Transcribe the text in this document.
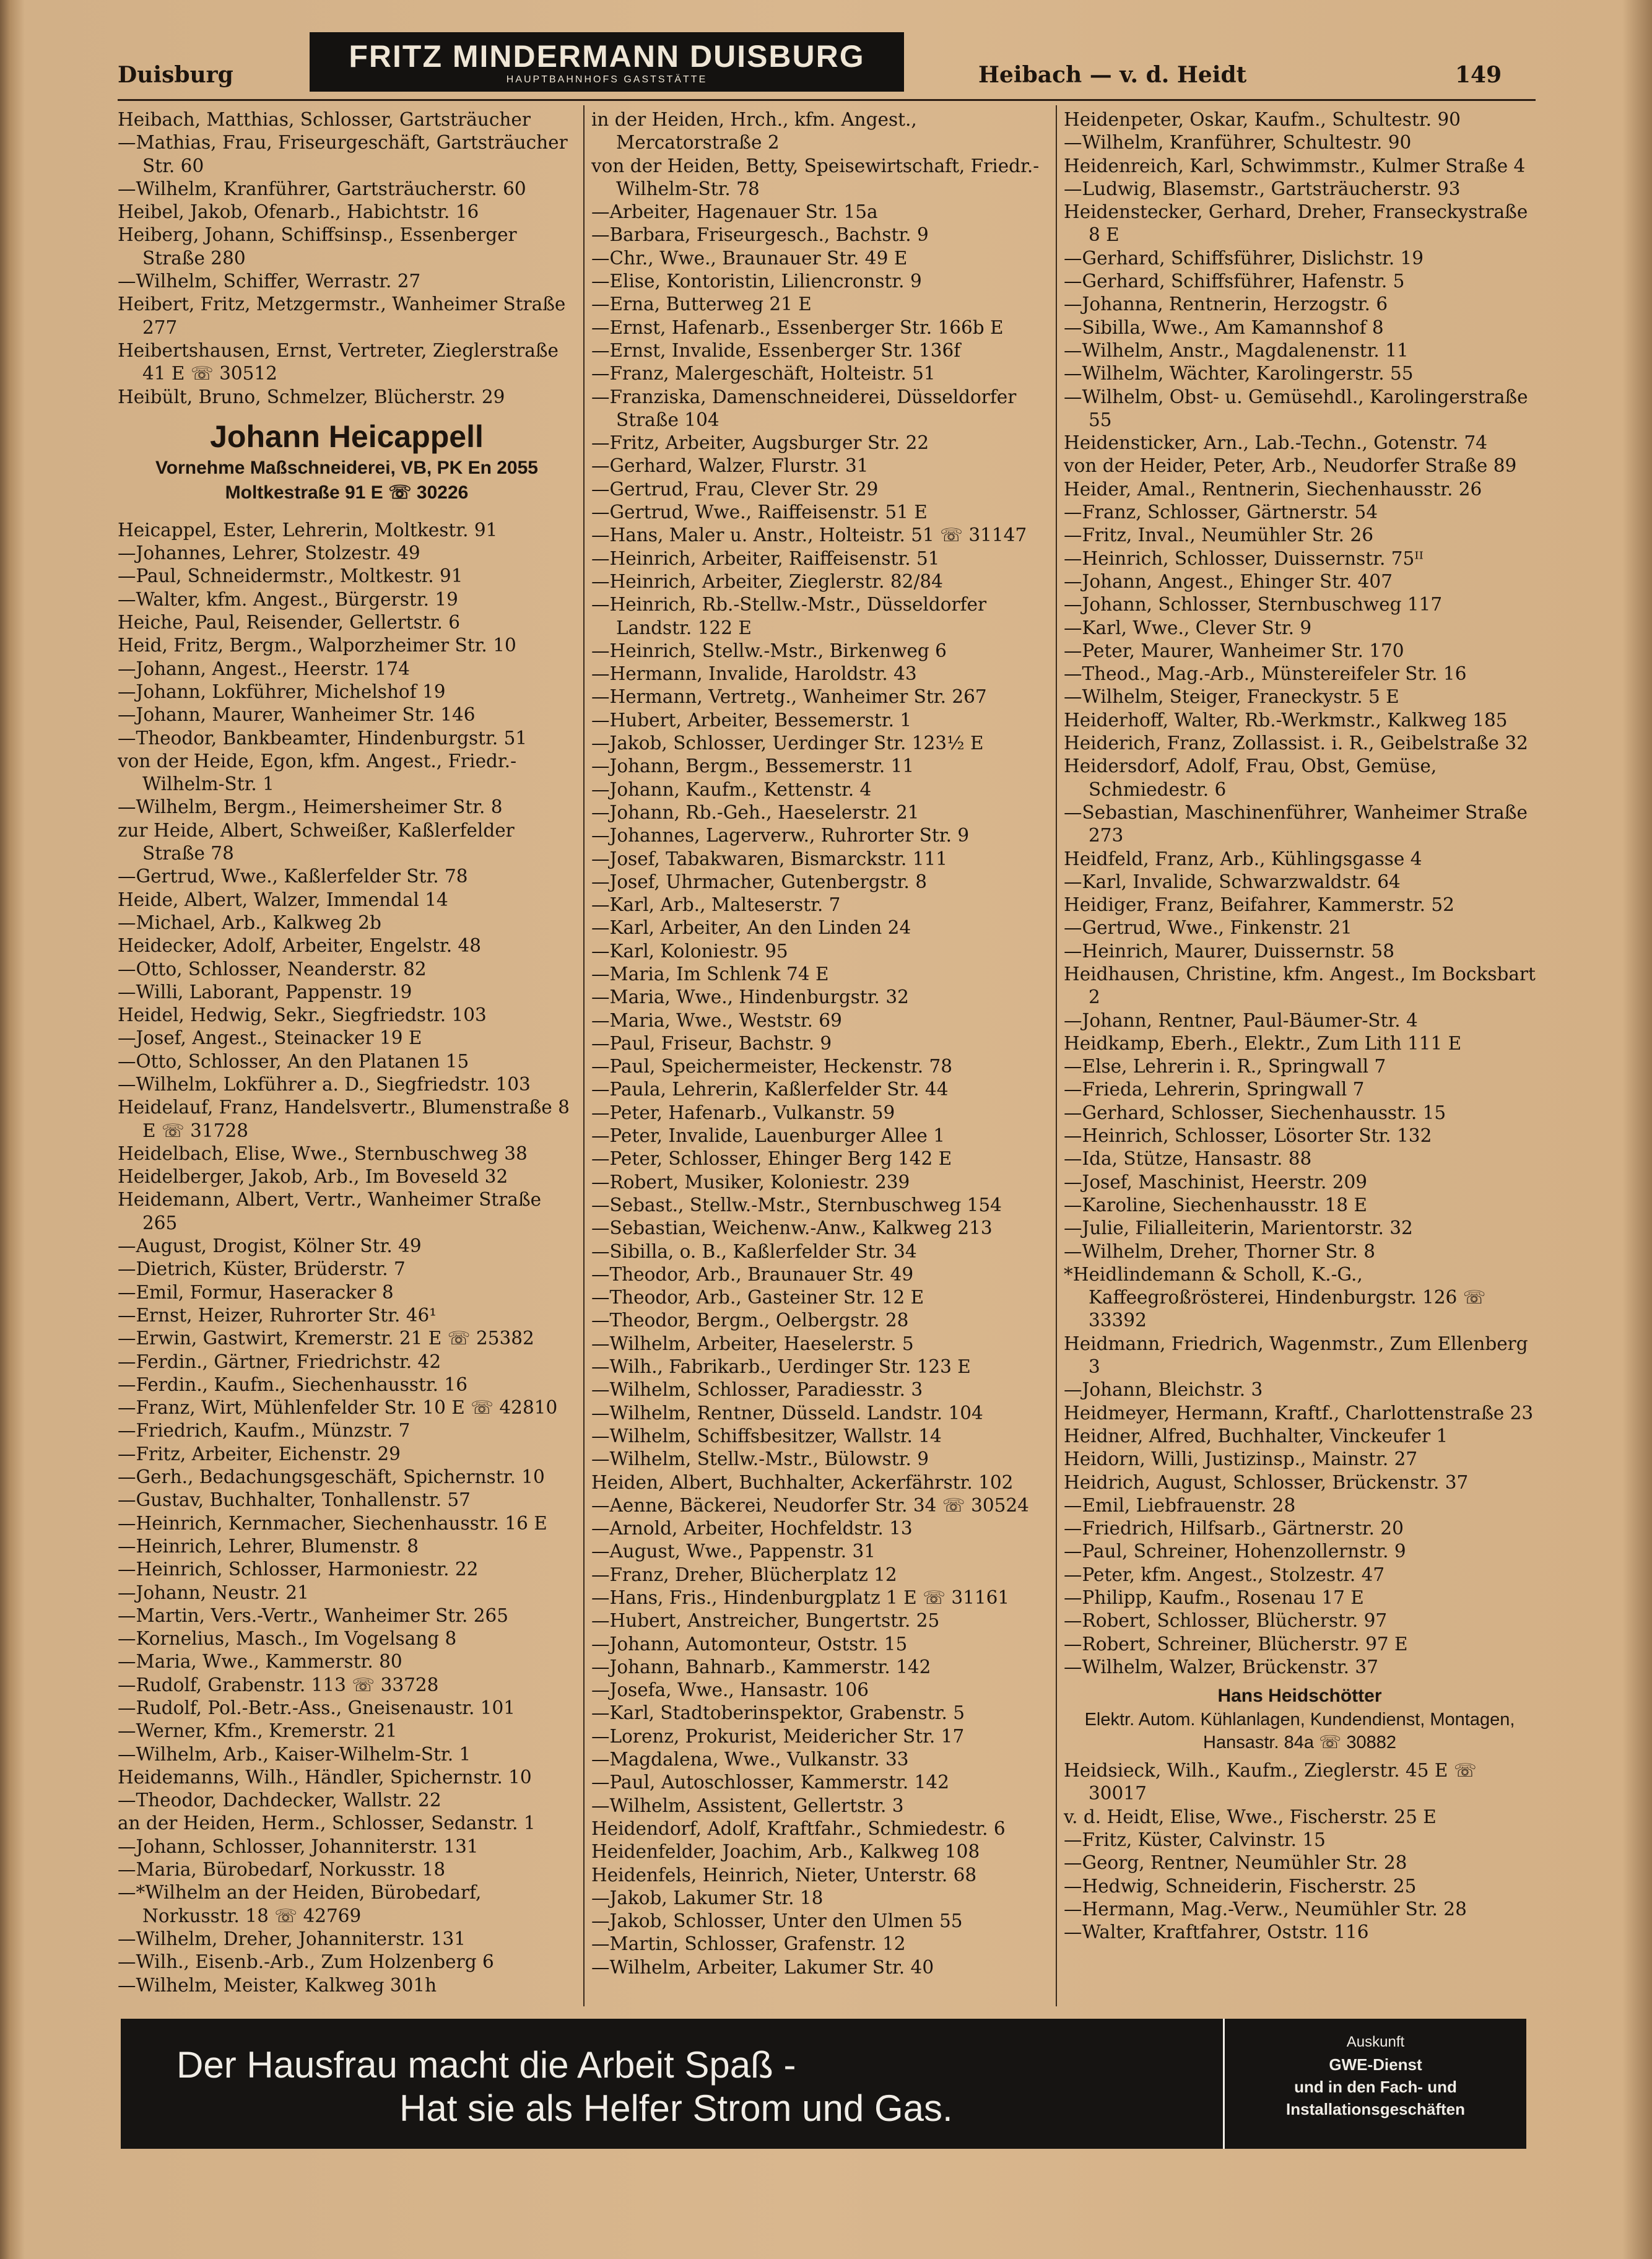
Duisburg	Heibach — v. d. Heidt	149
FRITZ MINDERMANN DUISBURG
HAUPTBAHNHOFS GASTSTÄTTE

Heibach, Matthias, Schlosser, Gartsträucher

—Mathias, Frau, Friseurgeschäft, Gartsträucher Str. 60

—Wilhelm, Kranführer, Gartsträucherstr. 60

Heibel, Jakob, Ofenarb., Habichtstr. 16

Heiberg, Johann, Schiffsinsp., Essenberger Straße 280

—Wilhelm, Schiffer, Werrastr. 27

Heibert, Fritz, Metzgermstr., Wanheimer Straße 277

Heibertshausen, Ernst, Vertreter, Zieglerstraße 41 E ☏ 30512

Heibült, Bruno, Schmelzer, Blücherstr. 29

Johann Heicappell
Vornehme Maßschneiderei, VB, PK En 2055
Moltkestraße 91 E ☏ 30226

Heicappel, Ester, Lehrerin, Moltkestr. 91

—Johannes, Lehrer, Stolzestr. 49

—Paul, Schneidermstr., Moltkestr. 91

—Walter, kfm. Angest., Bürgerstr. 19

Heiche, Paul, Reisender, Gellertstr. 6

Heid, Fritz, Bergm., Walporzheimer Str. 10

—Johann, Angest., Heerstr. 174

—Johann, Lokführer, Michelshof 19

—Johann, Maurer, Wanheimer Str. 146

—Theodor, Bankbeamter, Hindenburgstr. 51

von der Heide, Egon, kfm. Angest., Friedr.-Wilhelm-Str. 1

—Wilhelm, Bergm., Heimersheimer Str. 8

zur Heide, Albert, Schweißer, Kaßlerfelder Straße 78

—Gertrud, Wwe., Kaßlerfelder Str. 78

Heide, Albert, Walzer, Immendal 14

—Michael, Arb., Kalkweg 2b

Heidecker, Adolf, Arbeiter, Engelstr. 48

—Otto, Schlosser, Neanderstr. 82

—Willi, Laborant, Pappenstr. 19

Heidel, Hedwig, Sekr., Siegfriedstr. 103

—Josef, Angest., Steinacker 19 E

—Otto, Schlosser, An den Platanen 15

—Wilhelm, Lokführer a. D., Siegfriedstr. 103

Heidelauf, Franz, Handelsvertr., Blumenstraße 8 E ☏ 31728

Heidelbach, Elise, Wwe., Sternbuschweg 38

Heidelberger, Jakob, Arb., Im Boveseld 32

Heidemann, Albert, Vertr., Wanheimer Straße 265

—August, Drogist, Kölner Str. 49

—Dietrich, Küster, Brüderstr. 7

—Emil, Formur, Haseracker 8

—Ernst, Heizer, Ruhrorter Str. 46¹

—Erwin, Gastwirt, Kremerstr. 21 E ☏ 25382

—Ferdin., Gärtner, Friedrichstr. 42

—Ferdin., Kaufm., Siechenhausstr. 16

—Franz, Wirt, Mühlenfelder Str. 10 E ☏ 42810

—Friedrich, Kaufm., Münzstr. 7

—Fritz, Arbeiter, Eichenstr. 29

—Gerh., Bedachungsgeschäft, Spichernstr. 10

—Gustav, Buchhalter, Tonhallenstr. 57

—Heinrich, Kernmacher, Siechenhausstr. 16 E

—Heinrich, Lehrer, Blumenstr. 8

—Heinrich, Schlosser, Harmoniestr. 22

—Johann, Neustr. 21

—Martin, Vers.-Vertr., Wanheimer Str. 265

—Kornelius, Masch., Im Vogelsang 8

—Maria, Wwe., Kammerstr. 80

—Rudolf, Grabenstr. 113 ☏ 33728

—Rudolf, Pol.-Betr.-Ass., Gneisenaustr. 101

—Werner, Kfm., Kremerstr. 21

—Wilhelm, Arb., Kaiser-Wilhelm-Str. 1

Heidemanns, Wilh., Händler, Spichernstr. 10

—Theodor, Dachdecker, Wallstr. 22

an der Heiden, Herm., Schlosser, Sedanstr. 1

—Johann, Schlosser, Johanniterstr. 131

—Maria, Bürobedarf, Norkusstr. 18

—*Wilhelm an der Heiden, Bürobedarf, Norkusstr. 18 ☏ 42769

—Wilhelm, Dreher, Johanniterstr. 131

—Wilh., Eisenb.-Arb., Zum Holzenberg 6

—Wilhelm, Meister, Kalkweg 301h

in der Heiden, Hrch., kfm. Angest., Mercatorstraße 2

von der Heiden, Betty, Speisewirtschaft, Friedr.-Wilhelm-Str. 78

—Arbeiter, Hagenauer Str. 15a

—Barbara, Friseurgesch., Bachstr. 9

—Chr., Wwe., Braunauer Str. 49 E

—Elise, Kontoristin, Liliencronstr. 9

—Erna, Butterweg 21 E

—Ernst, Hafenarb., Essenberger Str. 166b E

—Ernst, Invalide, Essenberger Str. 136f

—Franz, Malergeschäft, Holteistr. 51

—Franziska, Damenschneiderei, Düsseldorfer Straße 104

—Fritz, Arbeiter, Augsburger Str. 22

—Gerhard, Walzer, Flurstr. 31

—Gertrud, Frau, Clever Str. 29

—Gertrud, Wwe., Raiffeisenstr. 51 E

—Hans, Maler u. Anstr., Holteistr. 51 ☏ 31147

—Heinrich, Arbeiter, Raiffeisenstr. 51

—Heinrich, Arbeiter, Zieglerstr. 82/84

—Heinrich, Rb.-Stellw.-Mstr., Düsseldorfer Landstr. 122 E

—Heinrich, Stellw.-Mstr., Birkenweg 6

—Hermann, Invalide, Haroldstr. 43

—Hermann, Vertretg., Wanheimer Str. 267

—Hubert, Arbeiter, Bessemerstr. 1

—Jakob, Schlosser, Uerdinger Str. 123½ E

—Johann, Bergm., Bessemerstr. 11

—Johann, Kaufm., Kettenstr. 4

—Johann, Rb.-Geh., Haeselerstr. 21

—Johannes, Lagerverw., Ruhrorter Str. 9

—Josef, Tabakwaren, Bismarckstr. 111

—Josef, Uhrmacher, Gutenbergstr. 8

—Karl, Arb., Malteserstr. 7

—Karl, Arbeiter, An den Linden 24

—Karl, Koloniestr. 95

—Maria, Im Schlenk 74 E

—Maria, Wwe., Hindenburgstr. 32

—Maria, Wwe., Weststr. 69

—Paul, Friseur, Bachstr. 9

—Paul, Speichermeister, Heckenstr. 78

—Paula, Lehrerin, Kaßlerfelder Str. 44

—Peter, Hafenarb., Vulkanstr. 59

—Peter, Invalide, Lauenburger Allee 1

—Peter, Schlosser, Ehinger Berg 142 E

—Robert, Musiker, Koloniestr. 239

—Sebast., Stellw.-Mstr., Sternbuschweg 154

—Sebastian, Weichenw.-Anw., Kalkweg 213

—Sibilla, o. B., Kaßlerfelder Str. 34

—Theodor, Arb., Braunauer Str. 49

—Theodor, Arb., Gasteiner Str. 12 E

—Theodor, Bergm., Oelbergstr. 28

—Wilhelm, Arbeiter, Haeselerstr. 5

—Wilh., Fabrikarb., Uerdinger Str. 123 E

—Wilhelm, Schlosser, Paradiesstr. 3

—Wilhelm, Rentner, Düsseld. Landstr. 104

—Wilhelm, Schiffsbesitzer, Wallstr. 14

—Wilhelm, Stellw.-Mstr., Bülowstr. 9

Heiden, Albert, Buchhalter, Ackerfährstr. 102

—Aenne, Bäckerei, Neudorfer Str. 34 ☏ 30524

—Arnold, Arbeiter, Hochfeldstr. 13

—August, Wwe., Pappenstr. 31

—Franz, Dreher, Blücherplatz 12

—Hans, Fris., Hindenburgplatz 1 E ☏ 31161

—Hubert, Anstreicher, Bungertstr. 25

—Johann, Automonteur, Oststr. 15

—Johann, Bahnarb., Kammerstr. 142

—Josefa, Wwe., Hansastr. 106

—Karl, Stadtoberinspektor, Grabenstr. 5

—Lorenz, Prokurist, Meidericher Str. 17

—Magdalena, Wwe., Vulkanstr. 33

—Paul, Autoschlosser, Kammerstr. 142

—Wilhelm, Assistent, Gellertstr. 3

Heidendorf, Adolf, Kraftfahr., Schmiedestr. 6

Heidenfelder, Joachim, Arb., Kalkweg 108

Heidenfels, Heinrich, Nieter, Unterstr. 68

—Jakob, Lakumer Str. 18

—Jakob, Schlosser, Unter den Ulmen 55

—Martin, Schlosser, Grafenstr. 12

—Wilhelm, Arbeiter, Lakumer Str. 40

Heidenpeter, Oskar, Kaufm., Schultestr. 90

—Wilhelm, Kranführer, Schultestr. 90

Heidenreich, Karl, Schwimmstr., Kulmer Straße 4

—Ludwig, Blasemstr., Gartsträucherstr. 93

Heidenstecker, Gerhard, Dreher, Franseckystraße 8 E

—Gerhard, Schiffsführer, Dislichstr. 19

—Gerhard, Schiffsführer, Hafenstr. 5

—Johanna, Rentnerin, Herzogstr. 6

—Sibilla, Wwe., Am Kamannshof 8

—Wilhelm, Anstr., Magdalenenstr. 11

—Wilhelm, Wächter, Karolingerstr. 55

—Wilhelm, Obst- u. Gemüsehdl., Karolingerstraße 55

Heidensticker, Arn., Lab.-Techn., Gotenstr. 74

von der Heider, Peter, Arb., Neudorfer Straße 89

Heider, Amal., Rentnerin, Siechenhausstr. 26

—Franz, Schlosser, Gärtnerstr. 54

—Fritz, Inval., Neumühler Str. 26

—Heinrich, Schlosser, Duissernstr. 75ᴵᴵ

—Johann, Angest., Ehinger Str. 407

—Johann, Schlosser, Sternbuschweg 117

—Karl, Wwe., Clever Str. 9

—Peter, Maurer, Wanheimer Str. 170

—Theod., Mag.-Arb., Münstereifeler Str. 16

—Wilhelm, Steiger, Franeckystr. 5 E

Heiderhoff, Walter, Rb.-Werkmstr., Kalkweg 185

Heiderich, Franz, Zollassist. i. R., Geibelstraße 32

Heidersdorf, Adolf, Frau, Obst, Gemüse, Schmiedestr. 6

—Sebastian, Maschinenführer, Wanheimer Straße 273

Heidfeld, Franz, Arb., Kühlingsgasse 4

—Karl, Invalide, Schwarzwaldstr. 64

Heidiger, Franz, Beifahrer, Kammerstr. 52

—Gertrud, Wwe., Finkenstr. 21

—Heinrich, Maurer, Duissernstr. 58

Heidhausen, Christine, kfm. Angest., Im Bocksbart 2

—Johann, Rentner, Paul-Bäumer-Str. 4

Heidkamp, Eberh., Elektr., Zum Lith 111 E

—Else, Lehrerin i. R., Springwall 7

—Frieda, Lehrerin, Springwall 7

—Gerhard, Schlosser, Siechenhausstr. 15

—Heinrich, Schlosser, Lösorter Str. 132

—Ida, Stütze, Hansastr. 88

—Josef, Maschinist, Heerstr. 209

—Karoline, Siechenhausstr. 18 E

—Julie, Filialleiterin, Marientorstr. 32

—Wilhelm, Dreher, Thorner Str. 8

*Heidlindemann & Scholl, K.-G., Kaffeegroßrösterei, Hindenburgstr. 126 ☏ 33392

Heidmann, Friedrich, Wagenmstr., Zum Ellenberg 3

—Johann, Bleichstr. 3

Heidmeyer, Hermann, Kraftf., Charlottenstraße 23

Heidner, Alfred, Buchhalter, Vinckeufer 1

Heidorn, Willi, Justizinsp., Mainstr. 27

Heidrich, August, Schlosser, Brückenstr. 37

—Emil, Liebfrauenstr. 28

—Friedrich, Hilfsarb., Gärtnerstr. 20

—Paul, Schreiner, Hohenzollernstr. 9

—Peter, kfm. Angest., Stolzestr. 47

—Philipp, Kaufm., Rosenau 17 E

—Robert, Schlosser, Blücherstr. 97

—Robert, Schreiner, Blücherstr. 97 E

—Wilhelm, Walzer, Brückenstr. 37

Hans Heidschötter
Elektr. Autom. Kühlanlagen, Kundendienst, Montagen, Hansastr. 84a ☏ 30882

Heidsieck, Wilh., Kaufm., Zieglerstr. 45 E ☏ 30017

v. d. Heidt, Elise, Wwe., Fischerstr. 25 E

—Fritz, Küster, Calvinstr. 15

—Georg, Rentner, Neumühler Str. 28

—Hedwig, Schneiderin, Fischerstr. 25

—Hermann, Mag.-Verw., Neumühler Str. 28

—Walter, Kraftfahrer, Oststr. 116

Der Hausfrau macht die Arbeit Spaß -
Hat sie als Helfer Strom und Gas.
Auskunft
GWE-Dienst
und in den Fach- und
Installationsgeschäften
